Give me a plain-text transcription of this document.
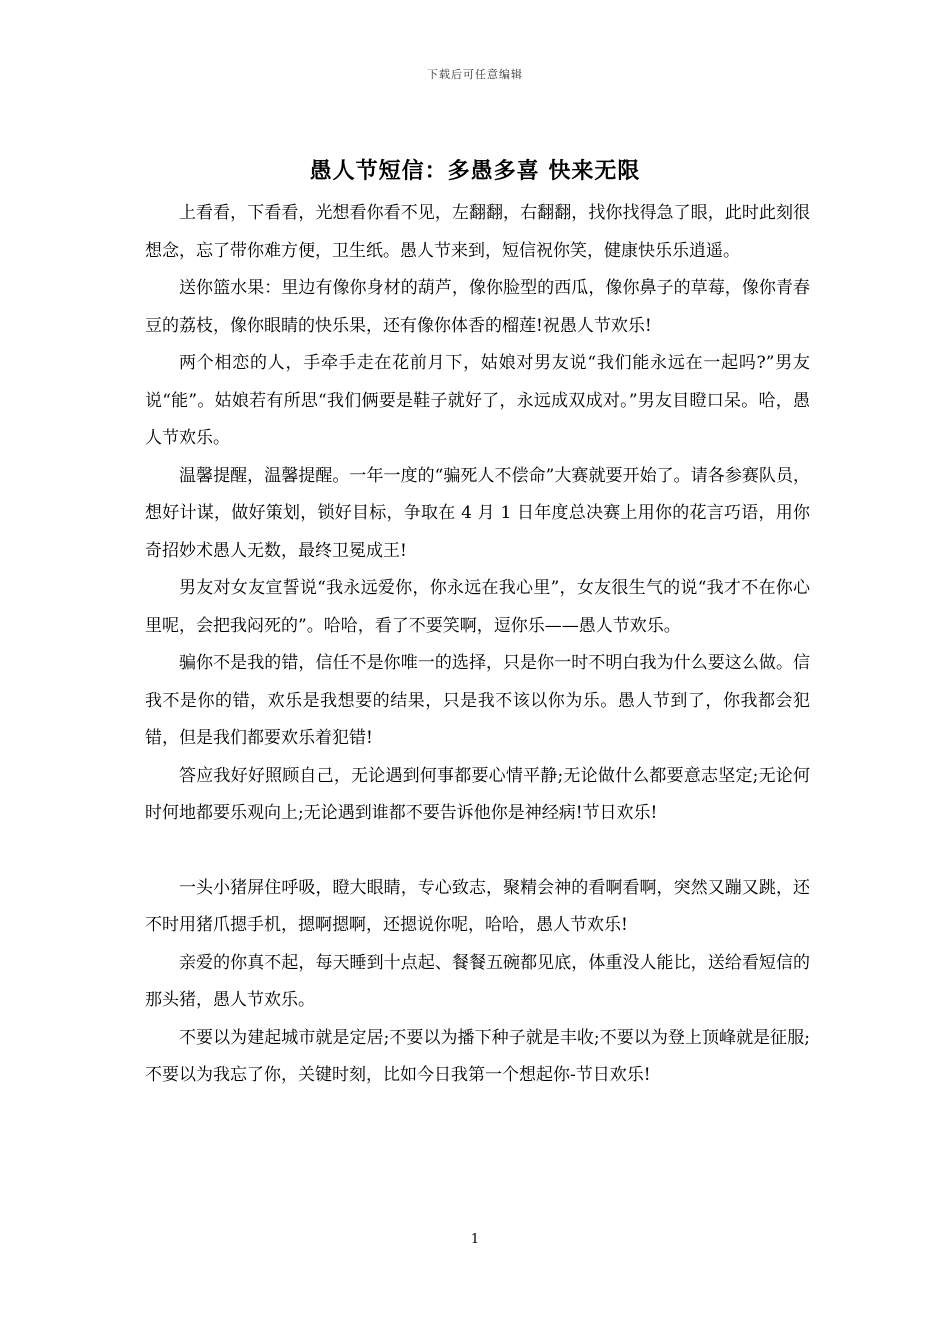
下载后可任意编辑
愚人节短信：多愚多喜 快来无限

上看看，下看看，光想看你看不见，左翻翻，右翻翻，找你找得急了眼，此时此刻很想念，忘了带你难方便，卫生纸。愚人节来到，短信祝你笑，健康快乐乐逍遥。

送你篮水果：里边有像你身材的葫芦，像你脸型的西瓜，像你鼻子的草莓，像你青春豆的荔枝，像你眼睛的快乐果，还有像你体香的榴莲!祝愚人节欢乐!

两个相恋的人，手牵手走在花前月下，姑娘对男友说“我们能永远在一起吗?”男友说“能”。姑娘若有所思“我们俩要是鞋子就好了，永远成双成对。”男友目瞪口呆。哈，愚人节欢乐。

温馨提醒，温馨提醒。一年一度的“骗死人不偿命”大赛就要开始了。请各参赛队员，想好计谋，做好策划，锁好目标，争取在 4 月 1 日年度总决赛上用你的花言巧语，用你奇招妙术愚人无数，最终卫冕成王!

男友对女友宣誓说“我永远爱你，你永远在我心里”，女友很生气的说“我才不在你心里呢，会把我闷死的”。哈哈，看了不要笑啊，逗你乐——愚人节欢乐。

骗你不是我的错，信任不是你唯一的选择，只是你一时不明白我为什么要这么做。信我不是你的错，欢乐是我想要的结果，只是我不该以你为乐。愚人节到了，你我都会犯错，但是我们都要欢乐着犯错!

答应我好好照顾自己，无论遇到何事都要心情平静;无论做什么都要意志坚定;无论何时何地都要乐观向上;无论遇到谁都不要告诉他你是神经病!节日欢乐!

一头小猪屏住呼吸，瞪大眼睛，专心致志，聚精会神的看啊看啊，突然又蹦又跳，还不时用猪爪摁手机，摁啊摁啊，还摁说你呢，哈哈，愚人节欢乐!

亲爱的你真不起，每天睡到十点起、餐餐五碗都见底，体重没人能比，送给看短信的那头猪，愚人节欢乐。

不要以为建起城市就是定居;不要以为播下种子就是丰收;不要以为登上顶峰就是征服;不要以为我忘了你，关键时刻，比如今日我第一个想起你-节日欢乐!

1
